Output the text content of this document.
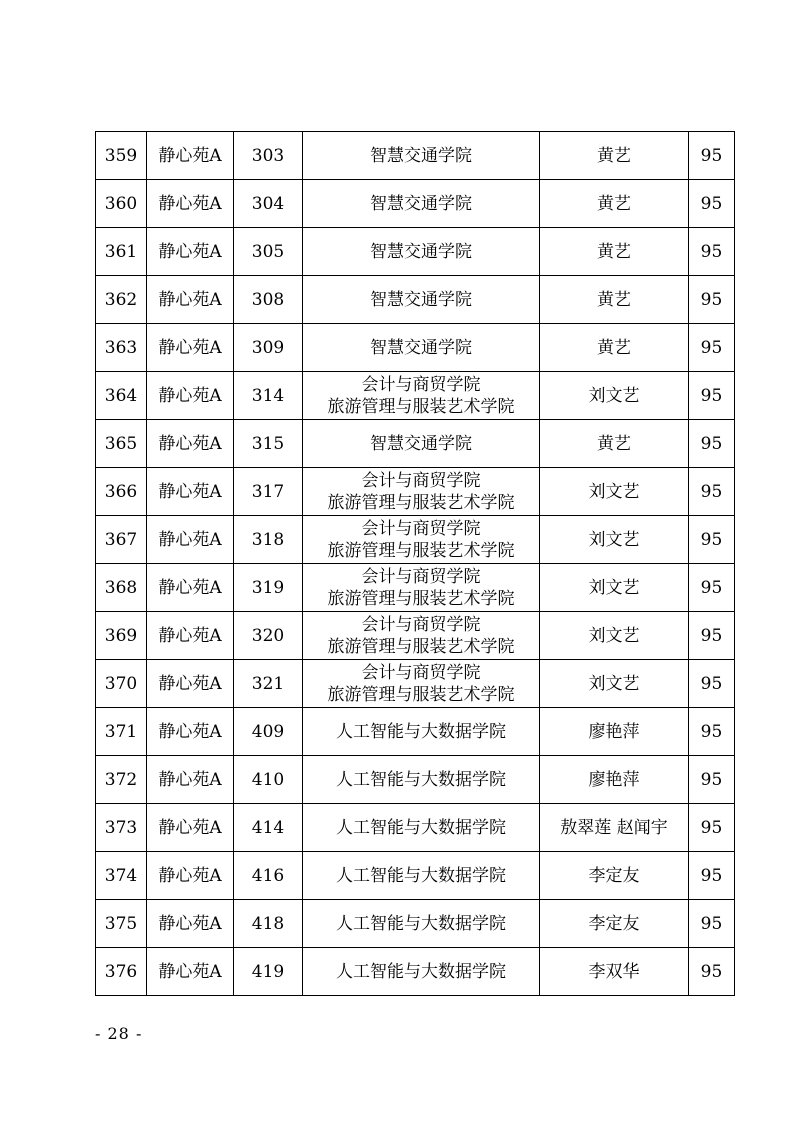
359	静心苑A	303	智慧交通学院	黄艺	95
360	静心苑A	304	智慧交通学院	黄艺	95
361	静心苑A	305	智慧交通学院	黄艺	95
362	静心苑A	308	智慧交通学院	黄艺	95
363	静心苑A	309	智慧交通学院	黄艺	95
364	静心苑A	314	会计与商贸学院
旅游管理与服装艺术学院	刘文艺	95
365	静心苑A	315	智慧交通学院	黄艺	95
366	静心苑A	317	会计与商贸学院
旅游管理与服装艺术学院	刘文艺	95
367	静心苑A	318	会计与商贸学院
旅游管理与服装艺术学院	刘文艺	95
368	静心苑A	319	会计与商贸学院
旅游管理与服装艺术学院	刘文艺	95
369	静心苑A	320	会计与商贸学院
旅游管理与服装艺术学院	刘文艺	95
370	静心苑A	321	会计与商贸学院
旅游管理与服装艺术学院	刘文艺	95
371	静心苑A	409	人工智能与大数据学院	廖艳萍	95
372	静心苑A	410	人工智能与大数据学院	廖艳萍	95
373	静心苑A	414	人工智能与大数据学院	敖翠莲 赵闻宇	95
374	静心苑A	416	人工智能与大数据学院	李定友	95
375	静心苑A	418	人工智能与大数据学院	李定友	95
376	静心苑A	419	人工智能与大数据学院	李双华	95
- 28 -
